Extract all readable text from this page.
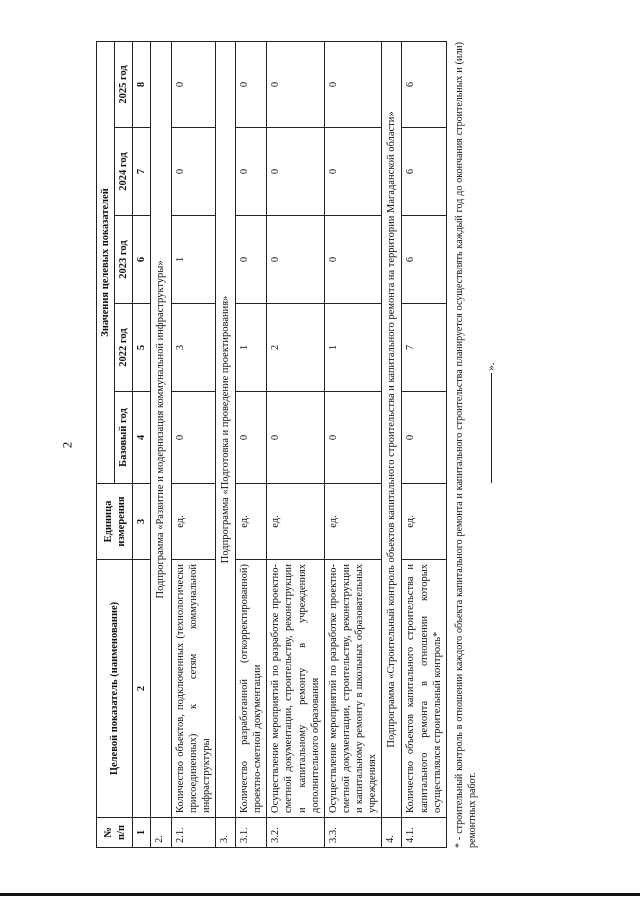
2
№ п/п	Целевой показатель (наименование)	Единица измерения	Значения целевых показателей				
			Базовый год	2022 год	2023 год	2024 год	2025 год
1	2	3	4	5	6	7	8
2.	Подпрограмма «Развитие и модернизация коммунальной инфраструктуры»						
2.1.	Количество объектов, подключенных (технологически присоединенных) к сетям коммунальной инфраструктуры	ед.	0	3	1	0	0
3.	Подпрограмма «Подготовка и проведение проектирования»						
3.1.	Количество разработанной (откорректированной) проектно-сметной документации	ед.	0	1	0	0	0
3.2.	Осуществление мероприятий по разработке проектно-сметной документации, строительству, реконструкции и капитальному ремонту в учреждениях дополнительного образования	ед.	0	2	0	0	0
3.3.	Осуществление мероприятий по разработке проектно-сметной документации, строительству, реконструкции и капитальному ремонту в школьных образовательных учреждениях	ед.	0	1	0	0	0
4.	Подпрограмма «Строительный контроль объектов капитального строительства и капитального ремонта на территории Магаданской области»						
4.1.	Количество объектов капитального строительства и капитального ремонта в отношении которых осуществлялся строительный контроль*	ед.	0	7	6	6	6	* - строительный контроль в отношении каждого объекта капитального ремонта и капитального строительства планируется осуществлять каждый год до окончания строительных и (или) ремонтных работ.
».
